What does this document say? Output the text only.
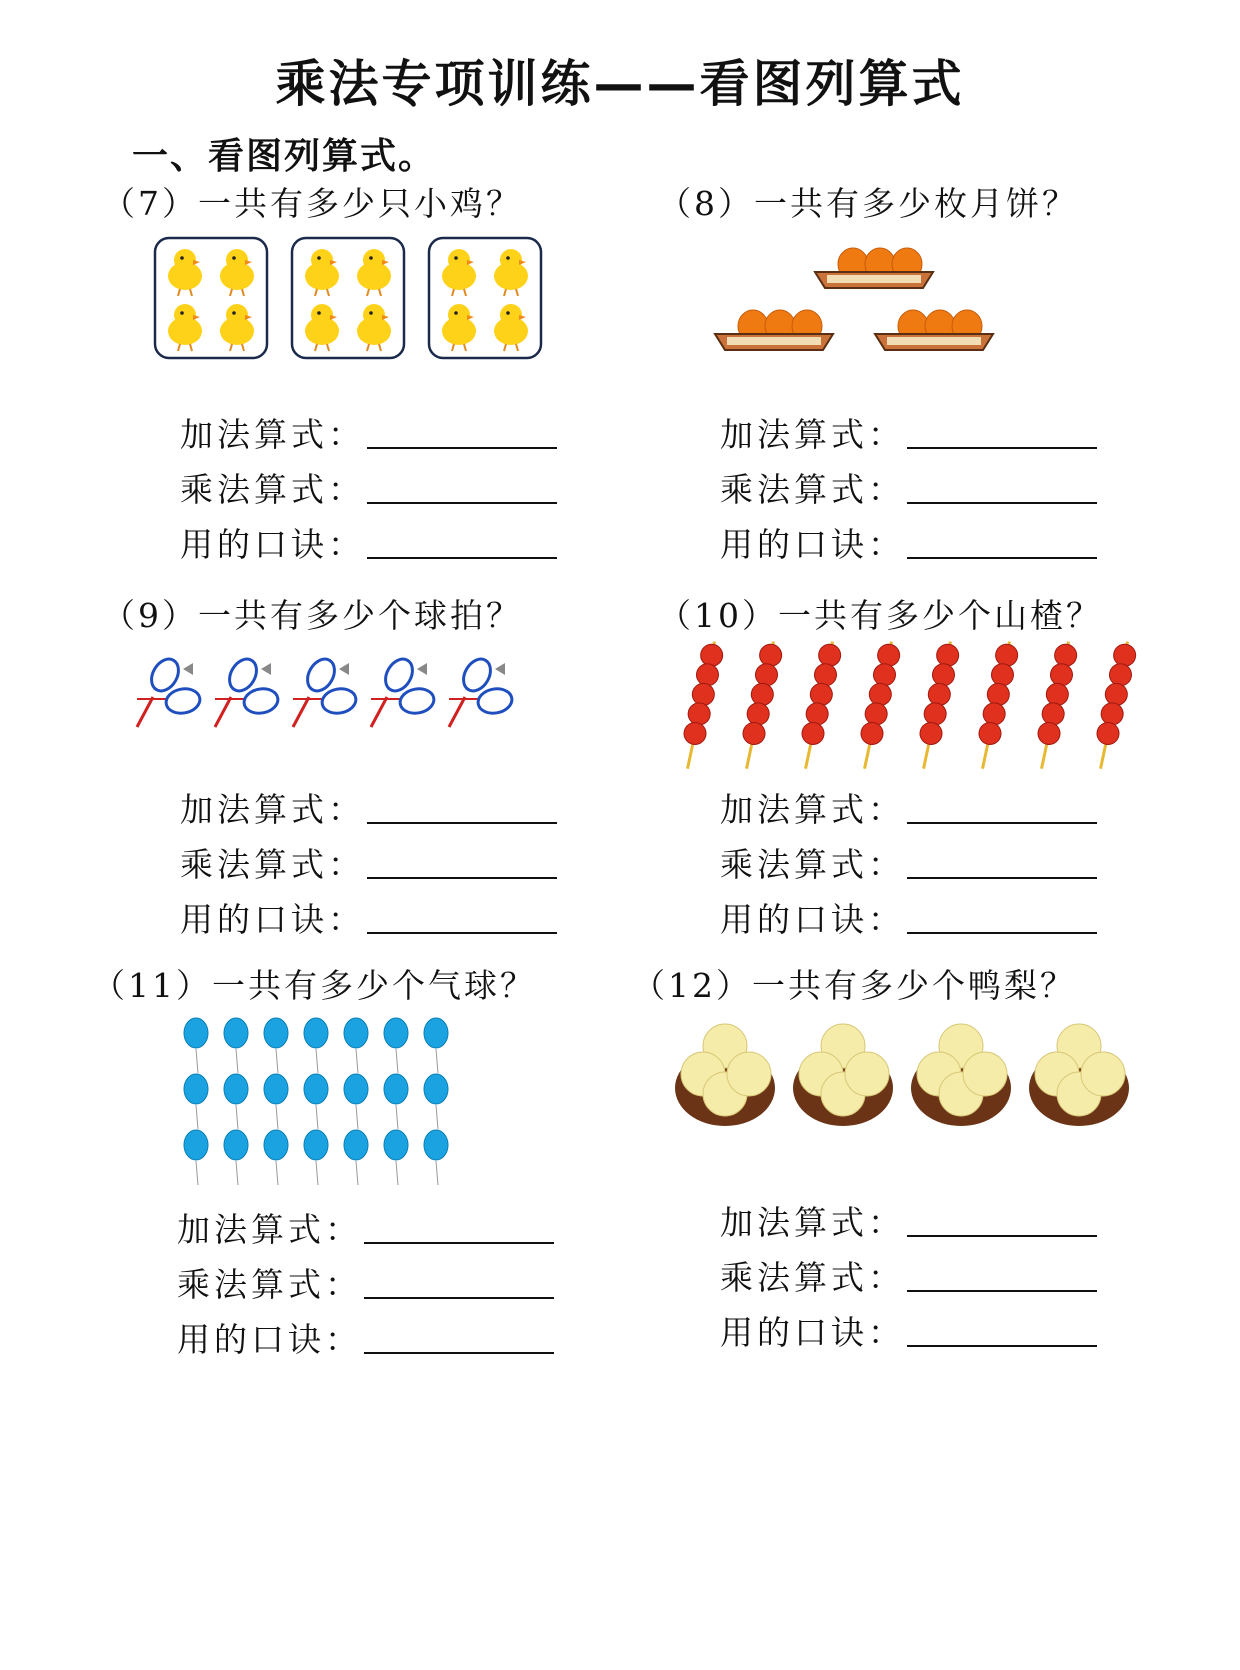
乘法专项训练——看图列算式
一、看图列算式。
（7）一共有多少只小鸡？
加法算式：
乘法算式：
用的口诀：
（8）一共有多少枚月饼？
加法算式：
乘法算式：
用的口诀：
（9）一共有多少个球拍？
加法算式：
乘法算式：
用的口诀：
（10）一共有多少个山楂？
加法算式：
乘法算式：
用的口诀：
（11）一共有多少个气球？
加法算式：
乘法算式：
用的口诀：
（12）一共有多少个鸭梨？
加法算式：
乘法算式：
用的口诀：
